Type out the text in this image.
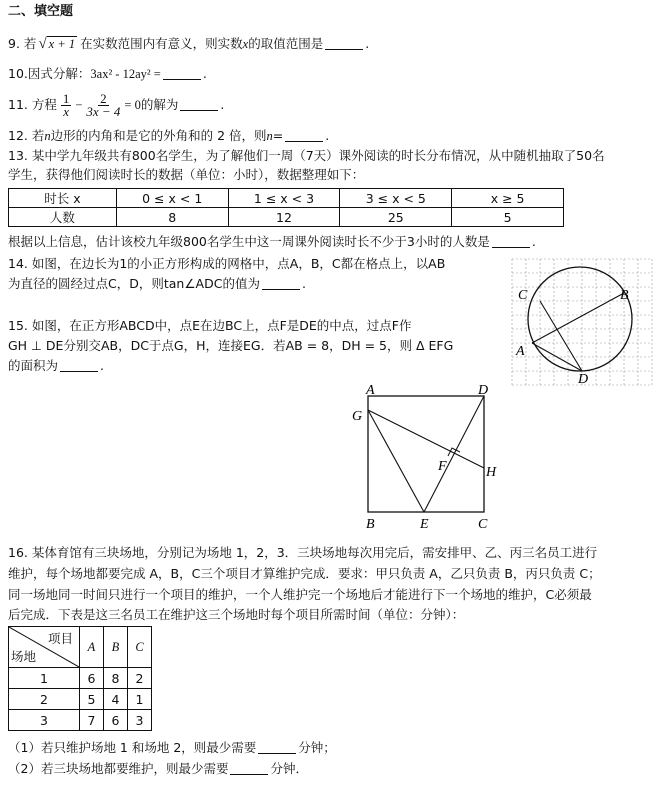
二、填空题
9. 若 √ x + 1 在实数范围内有意义，则实数x的取值范围是	.
10.因式分解：3ax² - 12ay² =	.
11. 方程 $\frac{1}{x} - \frac{2}{3x - 4} = 0$的解为	.
12. 若n边形的内角和是它的外角和的 2 倍，则n=	.
13. 某中学九年级共有800名学生，为了解他们一周（7天）课外阅读的时长分布情况，从中随机抽取了50名
学生，获得他们阅读时长的数据（单位：小时），数据整理如下：
时长 x	0 ≤ x < 1	1 ≤ x < 3	3 ≤ x < 5	x ≥ 5
人数	8	12	25	5
根据以上信息，估计该校九年级800名学生中这一周课外阅读时长不少于3小时的人数是	.
14. 如图，在边长为1的小正方形构成的网格中，点A，B，C都在格点上，以AB
为直径的圆经过点C，D，则tan∠ADC的值为	.
C	B
A
D
15. 如图，在正方形ABCD中，点E在边BC上，点F是DE的中点，过点F作
GH ⊥ DE分别交AB，DC于点G，H，连接EG．若AB = 8，DH = 5，则 Δ EFG
的面积为	.
A	D
G
F	H
B	E	C
16. 某体育馆有三块场地，分别记为场地 1，2，3．三块场地每次用完后，需安排甲、乙、丙三名员工进行
维护，每个场地都要完成 A，B，C三个项目才算维护完成．要求：甲只负责 A，乙只负责 B，丙只负责 C；
同一场地同一时间只进行一个项目的维护，一个人维护完一个场地后才能进行下一个场地的维护，C必须最
后完成．下表是这三名员工在维护这三个场地时每个项目所需时间（单位：分钟）：
项目
场地	A	B	C
1	6	8	2
2	5	4	1
3	7	6	3
（1）若只维护场地 1 和场地 2，则最少需要	分钟；
（2）若三块场地都要维护，则最少需要	分钟．
